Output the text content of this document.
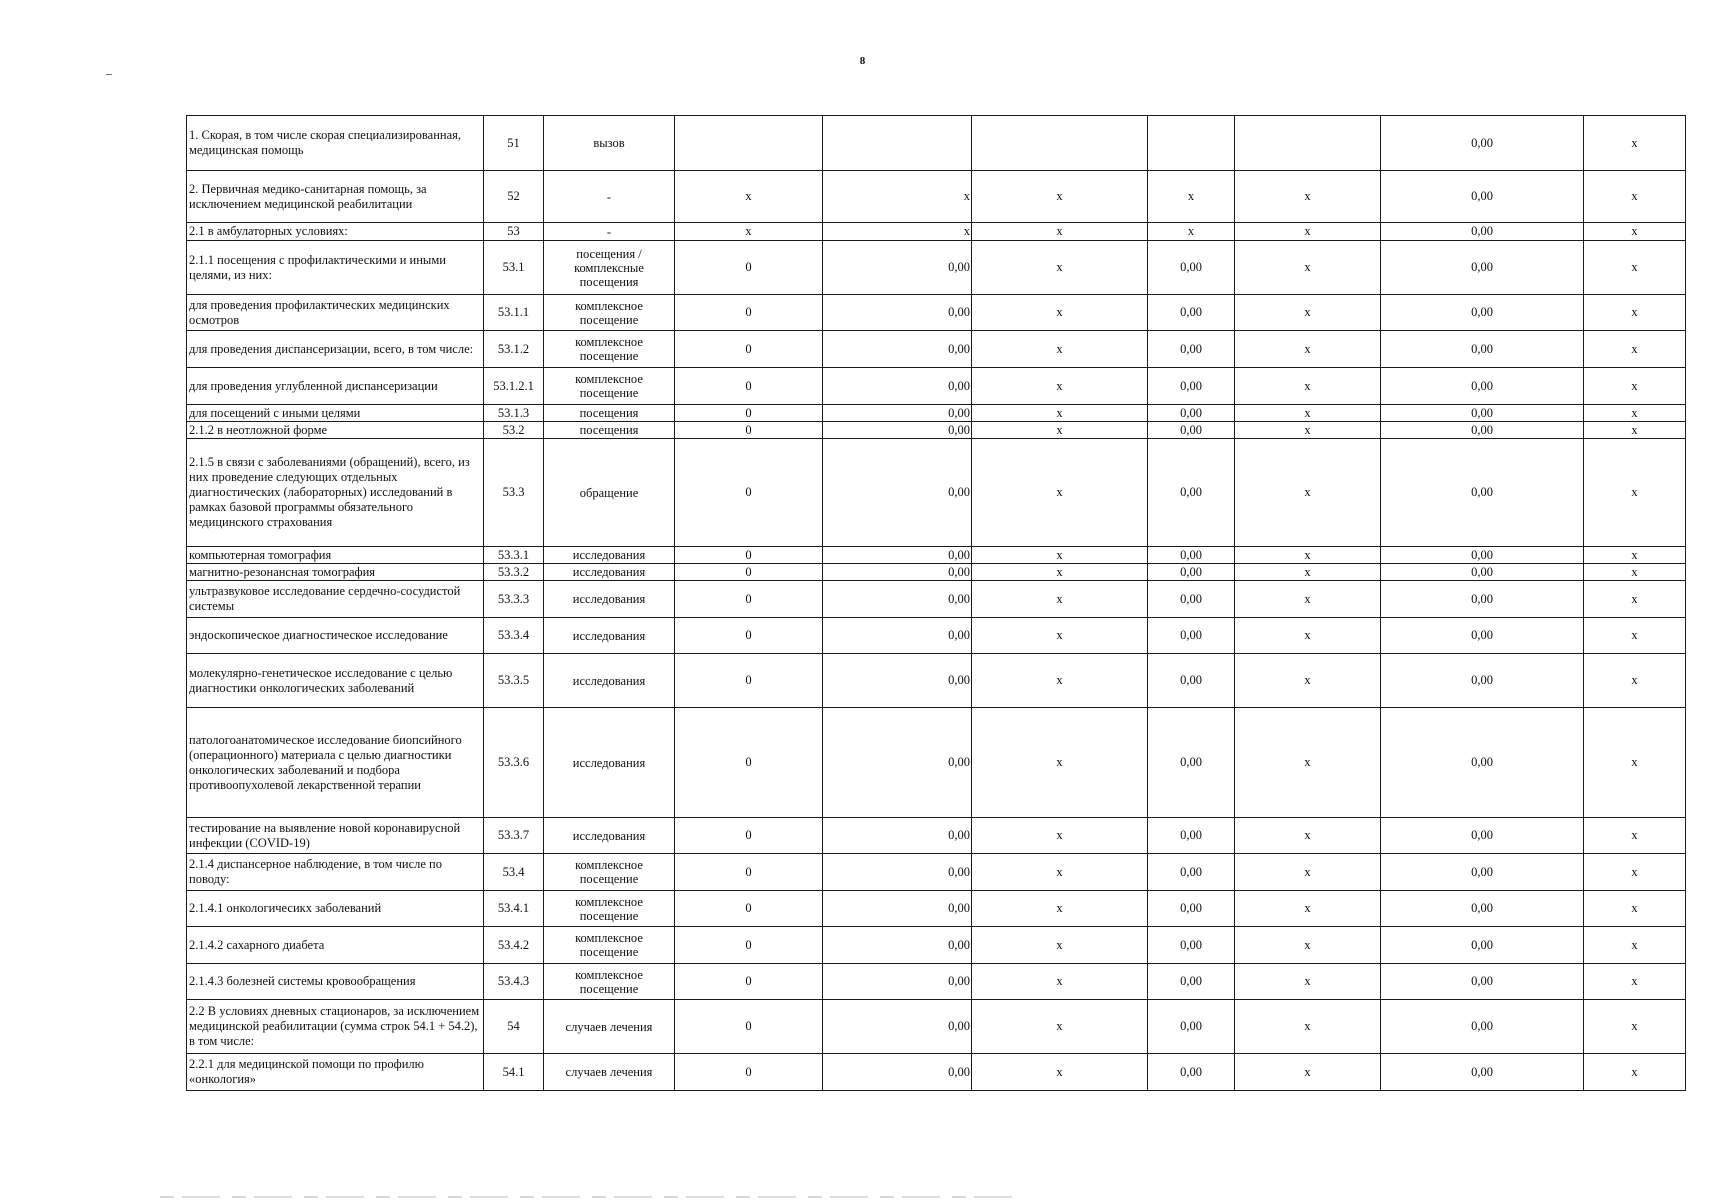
8
1. Скорая, в том числе скорая специализированная, медицинская помощь	51	вызов						0,00	x
2. Первичная медико-санитарная помощь, за исключением медицинской реабилитации	52	-	x	x	x	x	x	0,00	x
2.1 в амбулаторных условиях:	53	-	x	x	x	x	x	0,00	x
2.1.1 посещения с профилактическими и иными целями, из них:	53.1	посещения / комплексные посещения	0	0,00	x	0,00	x	0,00	x
для проведения профилактических медицинских осмотров	53.1.1	комплексное посещение	0	0,00	x	0,00	x	0,00	x
для проведения диспансеризации, всего, в том числе:	53.1.2	комплексное посещение	0	0,00	x	0,00	x	0,00	x
для проведения углубленной диспансеризации	53.1.2.1	комплексное посещение	0	0,00	x	0,00	x	0,00	x
для посещений с иными целями	53.1.3	посещения	0	0,00	x	0,00	x	0,00	x
2.1.2 в неотложной форме	53.2	посещения	0	0,00	x	0,00	x	0,00	x
2.1.5 в связи с заболеваниями (обращений), всего, из них проведение следующих отдельных диагностических (лабораторных) исследований в рамках базовой программы обязательного медицинского страхования	53.3	обращение	0	0,00	x	0,00	x	0,00	x
компьютерная томография	53.3.1	исследования	0	0,00	x	0,00	x	0,00	x
магнитно-резонансная томография	53.3.2	исследования	0	0,00	x	0,00	x	0,00	x
ультразвуковое исследование сердечно-сосудистой системы	53.3.3	исследования	0	0,00	x	0,00	x	0,00	x
эндоскопическое диагностическое исследование	53.3.4	исследования	0	0,00	x	0,00	x	0,00	x
молекулярно-генетическое исследование с целью диагностики онкологических заболеваний	53.3.5	исследования	0	0,00	x	0,00	x	0,00	x
патологоанатомическое исследование биопсийного (операционного) материала с целью диагностики онкологических заболеваний и подбора противоопухолевой лекарственной терапии	53.3.6	исследования	0	0,00	x	0,00	x	0,00	x
тестирование на выявление новой коронавирусной инфекции (COVID-19)	53.3.7	исследования	0	0,00	x	0,00	x	0,00	x
2.1.4 диспансерное наблюдение, в том числе по поводу:	53.4	комплексное посещение	0	0,00	x	0,00	x	0,00	x
2.1.4.1 онкологичесикх заболеваний	53.4.1	комплексное посещение	0	0,00	x	0,00	x	0,00	x
2.1.4.2 сахарного диабета	53.4.2	комплексное посещение	0	0,00	x	0,00	x	0,00	x
2.1.4.3 болезней системы кровообращения	53.4.3	комплексное посещение	0	0,00	x	0,00	x	0,00	x
2.2 В условиях дневных стационаров, за исключением медицинской реабилитации (сумма строк 54.1 + 54.2), в том числе:	54	случаев лечения	0	0,00	x	0,00	x	0,00	x
2.2.1 для медицинской помощи по профилю «онкология»	54.1	случаев лечения	0	0,00	x	0,00	x	0,00	x
